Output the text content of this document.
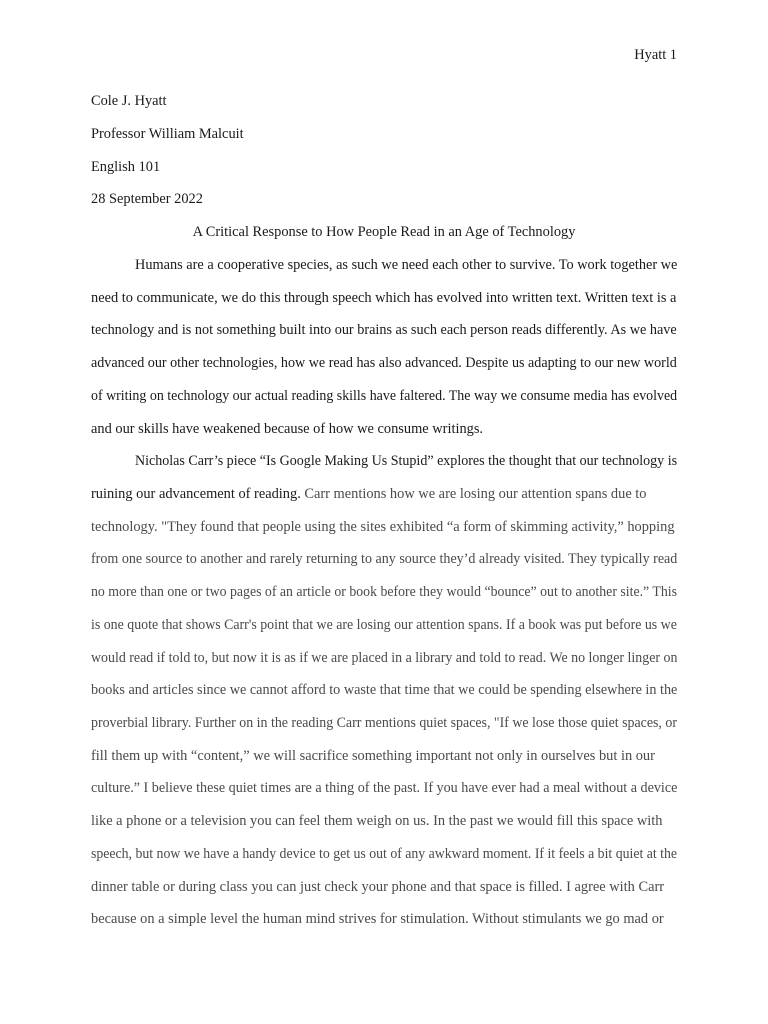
Hyatt 1
Cole J. Hyatt
Professor William Malcuit
English 101
28 September 2022
A Critical Response to How People Read in an Age of Technology
Humans are a cooperative species, as such we need each other to survive. To work together we
need to communicate, we do this through speech which has evolved into written text. Written text is a
technology and is not something built into our brains as such each person reads differently. As we have
advanced our other technologies, how we read has also advanced. Despite us adapting to our new world
of writing on technology our actual reading skills have faltered. The way we consume media has evolved
and our skills have weakened because of how we consume writings.
Nicholas Carr’s piece “Is Google Making Us Stupid” explores the thought that our technology is
ruining our advancement of reading. Carr mentions how we are losing our attention spans due to
technology. "They found that people using the sites exhibited “a form of skimming activity,” hopping
from one source to another and rarely returning to any source they’d already visited. They typically read
no more than one or two pages of an article or book before they would “bounce” out to another site.” This
is one quote that shows Carr's point that we are losing our attention spans. If a book was put before us we
would read if told to, but now it is as if we are placed in a library and told to read. We no longer linger on
books and articles since we cannot afford to waste that time that we could be spending elsewhere in the
proverbial library. Further on in the reading Carr mentions quiet spaces, "If we lose those quiet spaces, or
fill them up with “content,” we will sacrifice something important not only in ourselves but in our
culture.” I believe these quiet times are a thing of the past. If you have ever had a meal without a device
like a phone or a television you can feel them weigh on us. In the past we would fill this space with
speech, but now we have a handy device to get us out of any awkward moment. If it feels a bit quiet at the
dinner table or during class you can just check your phone and that space is filled. I agree with Carr
because on a simple level the human mind strives for stimulation. Without stimulants we go mad or
